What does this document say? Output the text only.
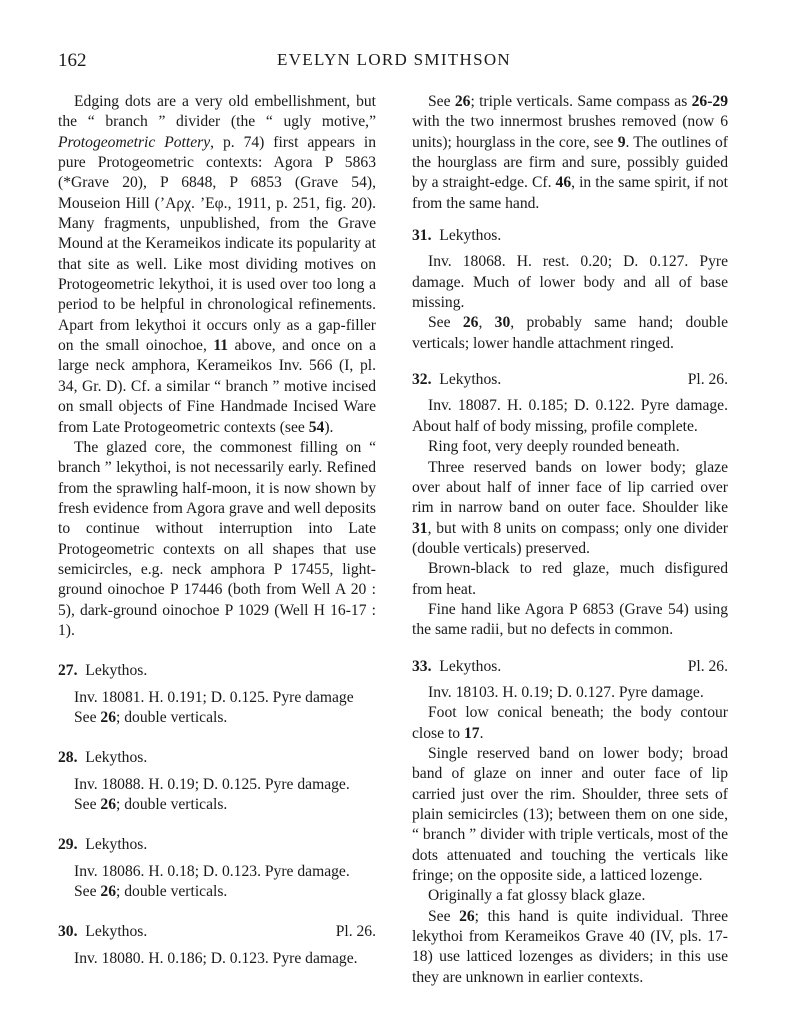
162	EVELYN LORD SMITHSON

Edging dots are a very old embellishment, but the “ branch ” divider (the “ ugly motive,” Protogeometric Pottery, p. 74) first appears in pure Protogeometric contexts: Agora P 5863 (*Grave 20), P 6848, P 6853 (Grave 54), Mouseion Hill (’Αρχ. ’Εφ., 1911, p. 251, fig. 20). Many fragments, unpublished, from the Grave Mound at the Kerameikos indicate its popularity at that site as well. Like most dividing motives on Protogeometric lekythoi, it is used over too long a period to be helpful in chronological refinements. Apart from lekythoi it occurs only as a gap-filler on the small oinochoe, 11 above, and once on a large neck amphora, Kerameikos Inv. 566 (I, pl. 34, Gr. D). Cf. a similar “ branch ” motive incised on small objects of Fine Handmade Incised Ware from Late Protogeometric contexts (see 54).

The glazed core, the commonest filling on “ branch ” lekythoi, is not necessarily early. Refined from the sprawling half-moon, it is now shown by fresh evidence from Agora grave and well deposits to continue without interruption into Late Protogeometric contexts on all shapes that use semicircles, e.g. neck amphora P 17455, light-ground oinochoe P 17446 (both from Well A 20 : 5), dark-ground oinochoe P 1029 (Well H 16-17 : 1).

27. Lekythos.

Inv. 18081. H. 0.191; D. 0.125. Pyre damage

See 26; double verticals.

28. Lekythos.

Inv. 18088. H. 0.19; D. 0.125. Pyre damage.

See 26; double verticals.

29. Lekythos.

Inv. 18086. H. 0.18; D. 0.123. Pyre damage.

See 26; double verticals.

30. Lekythos.	Pl. 26.

Inv. 18080. H. 0.186; D. 0.123. Pyre damage.

See 26; triple verticals. Same compass as 26-29 with the two innermost brushes removed (now 6 units); hourglass in the core, see 9. The outlines of the hourglass are firm and sure, possibly guided by a straight-edge. Cf. 46, in the same spirit, if not from the same hand.

31. Lekythos.

Inv. 18068. H. rest. 0.20; D. 0.127. Pyre damage. Much of lower body and all of base missing.

See 26, 30, probably same hand; double verticals; lower handle attachment ringed.

32. Lekythos.	Pl. 26.

Inv. 18087. H. 0.185; D. 0.122. Pyre damage. About half of body missing, profile complete.

Ring foot, very deeply rounded beneath.

Three reserved bands on lower body; glaze over about half of inner face of lip carried over rim in narrow band on outer face. Shoulder like 31, but with 8 units on compass; only one divider (double verticals) preserved.

Brown-black to red glaze, much disfigured from heat.

Fine hand like Agora P 6853 (Grave 54) using the same radii, but no defects in common.

33. Lekythos.	Pl. 26.

Inv. 18103. H. 0.19; D. 0.127. Pyre damage.

Foot low conical beneath; the body contour close to 17.

Single reserved band on lower body; broad band of glaze on inner and outer face of lip carried just over the rim. Shoulder, three sets of plain semicircles (13); between them on one side, “ branch ” divider with triple verticals, most of the dots attenuated and touching the verticals like fringe; on the opposite side, a latticed lozenge.

Originally a fat glossy black glaze.

See 26; this hand is quite individual. Three lekythoi from Kerameikos Grave 40 (IV, pls. 17-18) use latticed lozenges as dividers; in this use they are unknown in earlier contexts.
